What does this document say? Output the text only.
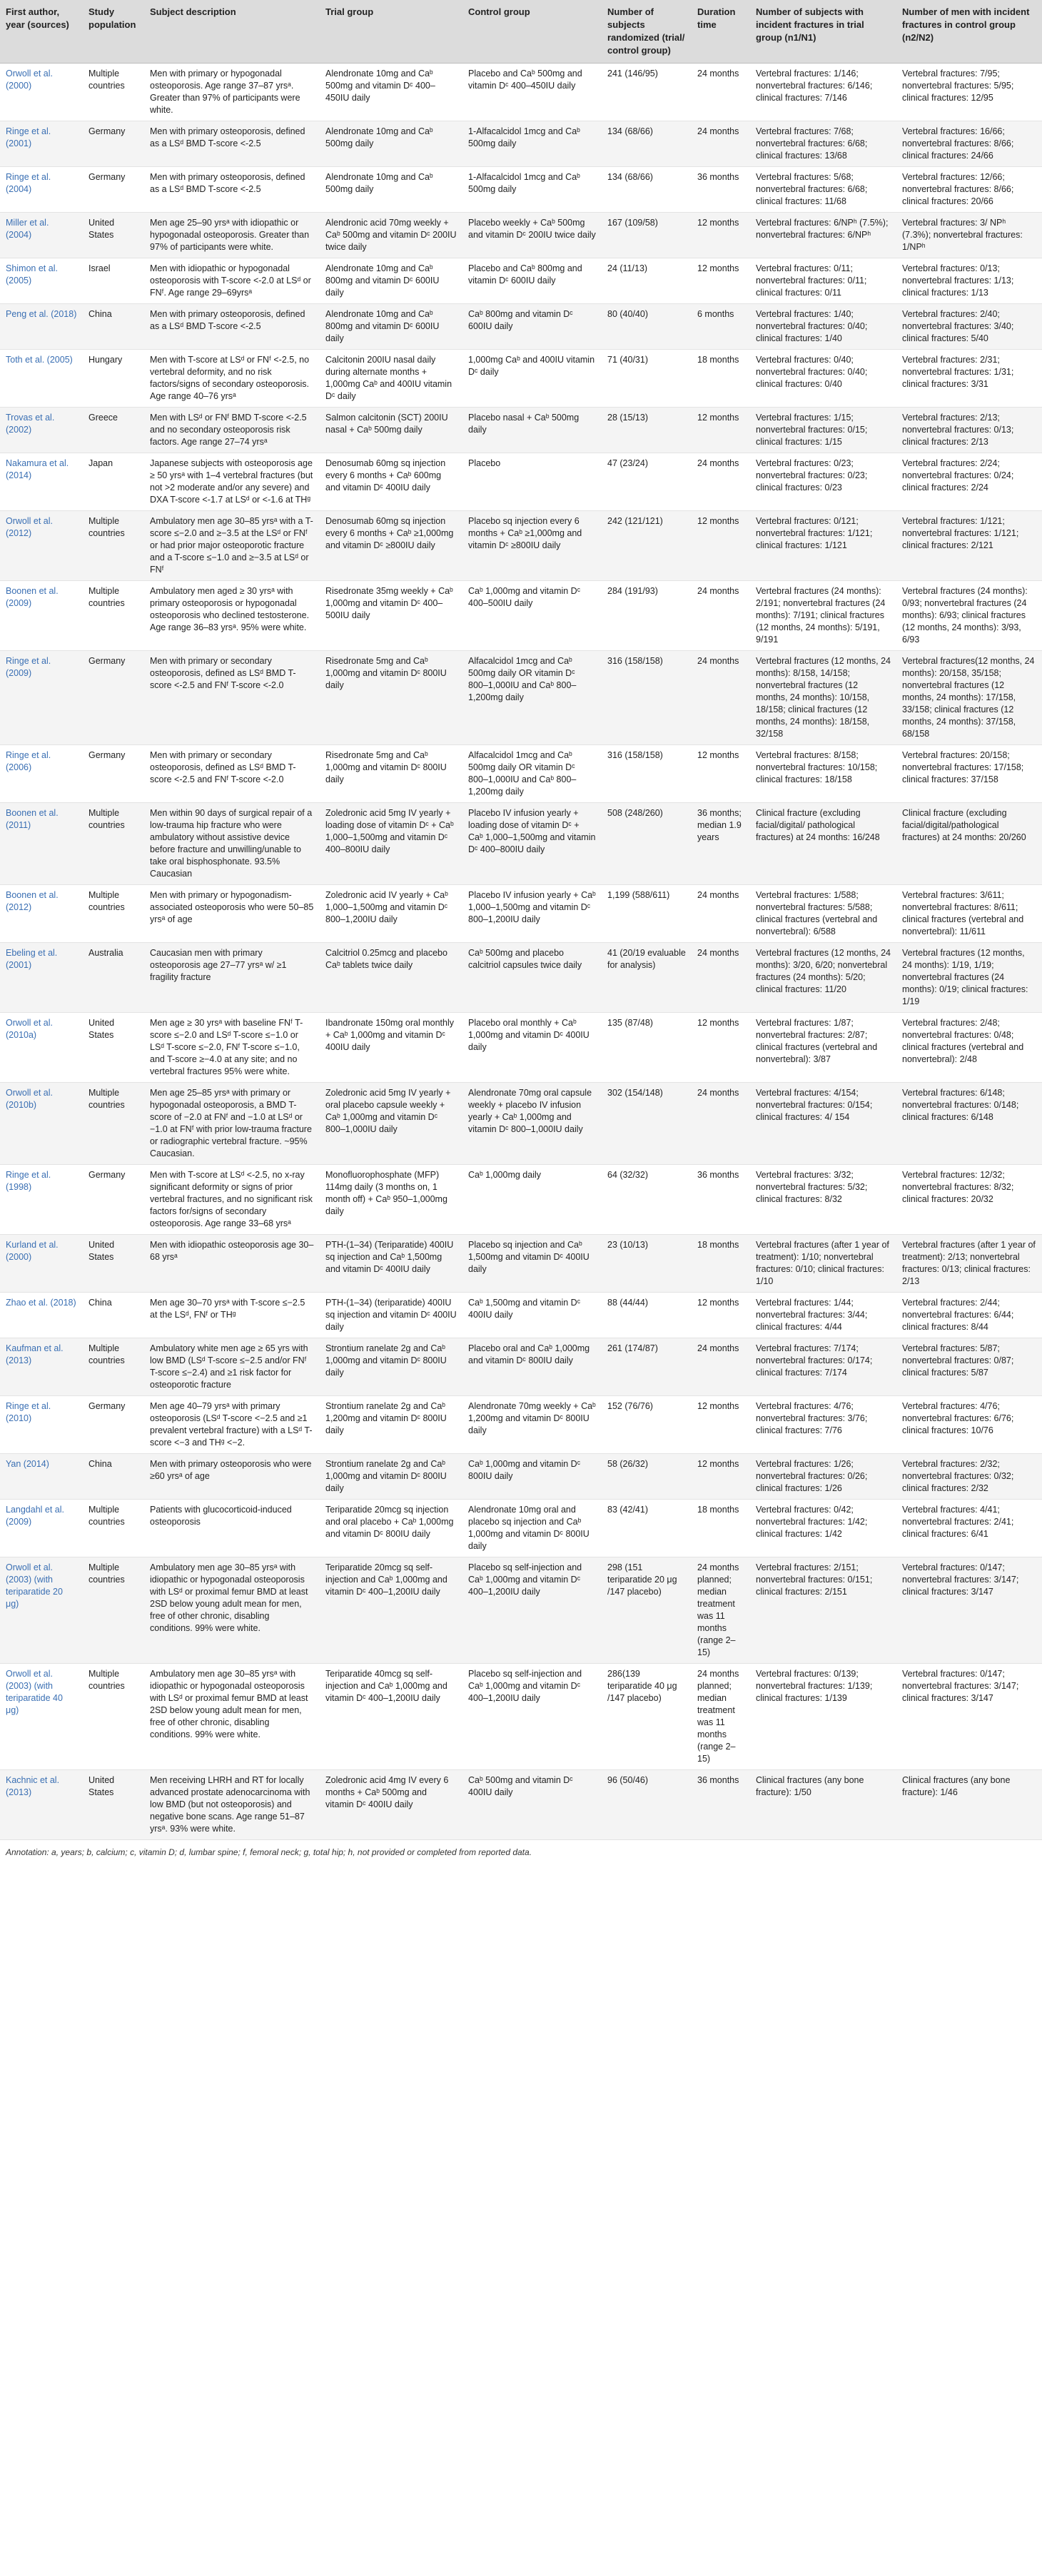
First author, year (sources)	Study population	Subject description	Trial group	Control group	Number of subjects randomized (trial/ control group)	Duration time	Number of subjects with incident fractures in trial group (n1/N1)	Number of men with incident fractures in control group (n2/N2)
Orwoll et al. (2000)	Multiple countries	Men with primary or hypogonadal osteoporosis. Age range 37–87 yrsᵃ. Greater than 97% of participants were white.	Alendronate 10mg and Caᵇ 500mg and vitamin Dᶜ 400–450IU daily	Placebo and Caᵇ 500mg and vitamin Dᶜ 400–450IU daily	241 (146/95)	24 months	Vertebral fractures: 1/146; nonvertebral fractures: 6/146; clinical fractures: 7/146	Vertebral fractures: 7/95; nonvertebral fractures: 5/95; clinical fractures: 12/95
Ringe et al. (2001)	Germany	Men with primary osteoporosis, defined as a LSᵈ BMD T-score <-2.5	Alendronate 10mg and Caᵇ 500mg daily	1-Alfacalcidol 1mcg and Caᵇ 500mg daily	134 (68/66)	24 months	Vertebral fractures: 7/68; nonvertebral fractures: 6/68; clinical fractures: 13/68	Vertebral fractures: 16/66; nonvertebral fractures: 8/66; clinical fractures: 24/66
Ringe et al. (2004)	Germany	Men with primary osteoporosis, defined as a LSᵈ BMD T-score <-2.5	Alendronate 10mg and Caᵇ 500mg daily	1-Alfacalcidol 1mcg and Caᵇ 500mg daily	134 (68/66)	36 months	Vertebral fractures: 5/68; nonvertebral fractures: 6/68; clinical fractures: 11/68	Vertebral fractures: 12/66; nonvertebral fractures: 8/66; clinical fractures: 20/66
Miller et al. (2004)	United States	Men age 25–90 yrsᵃ with idiopathic or hypogonadal osteoporosis. Greater than 97% of participants were white.	Alendronic acid 70mg weekly + Caᵇ 500mg and vitamin Dᶜ 200IU twice daily	Placebo weekly + Caᵇ 500mg and vitamin Dᶜ 200IU twice daily	167 (109/58)	12 months	Vertebral fractures: 6/NPʰ (7.5%); nonvertebral fractures: 6/NPʰ	Vertebral fractures: 3/ NPʰ (7.3%); nonvertebral fractures: 1/NPʰ
Shimon et al. (2005)	Israel	Men with idiopathic or hypogonadal osteoporosis with T-score <-2.0 at LSᵈ or FNᶠ. Age range 29–69yrsᵃ	Alendronate 10mg and Caᵇ 800mg and vitamin Dᶜ 600IU daily	Placebo and Caᵇ 800mg and vitamin Dᶜ 600IU daily	24 (11/13)	12 months	Vertebral fractures: 0/11; nonvertebral fractures: 0/11; clinical fractures: 0/11	Vertebral fractures: 0/13; nonvertebral fractures: 1/13; clinical fractures: 1/13
Peng et al. (2018)	China	Men with primary osteoporosis, defined as a LSᵈ BMD T-score <-2.5	Alendronate 10mg and Caᵇ 800mg and vitamin Dᶜ 600IU daily	Caᵇ 800mg and vitamin Dᶜ 600IU daily	80 (40/40)	6 months	Vertebral fractures: 1/40; nonvertebral fractures: 0/40; clinical fractures: 1/40	Vertebral fractures: 2/40; nonvertebral fractures: 3/40; clinical fractures: 5/40
Toth et al. (2005)	Hungary	Men with T-score at LSᵈ or FNᶠ <-2.5, no vertebral deformity, and no risk factors/signs of secondary osteoporosis. Age range 40–76 yrsᵃ	Calcitonin 200IU nasal daily during alternate months + 1,000mg Caᵇ and 400IU vitamin Dᶜ daily	1,000mg Caᵇ and 400IU vitamin Dᶜ daily	71 (40/31)	18 months	Vertebral fractures: 0/40; nonvertebral fractures: 0/40; clinical fractures: 0/40	Vertebral fractures: 2/31; nonvertebral fractures: 1/31; clinical fractures: 3/31
Trovas et al. (2002)	Greece	Men with LSᵈ or FNᶠ BMD T-score <-2.5 and no secondary osteoporosis risk factors. Age range 27–74 yrsᵃ	Salmon calcitonin (SCT) 200IU nasal + Caᵇ 500mg daily	Placebo nasal + Caᵇ 500mg daily	28 (15/13)	12 months	Vertebral fractures: 1/15; nonvertebral fractures: 0/15; clinical fractures: 1/15	Vertebral fractures: 2/13; nonvertebral fractures: 0/13; clinical fractures: 2/13
Nakamura et al. (2014)	Japan	Japanese subjects with osteoporosis age ≥ 50 yrsᵃ with 1–4 vertebral fractures (but not >2 moderate and/or any severe) and DXA T-score <-1.7 at LSᵈ or <-1.6 at THᵍ	Denosumab 60mg sq injection every 6 months + Caᵇ 600mg and vitamin Dᶜ 400IU daily	Placebo	47 (23/24)	24 months	Vertebral fractures: 0/23; nonvertebral fractures: 0/23; clinical fractures: 0/23	Vertebral fractures: 2/24; nonvertebral fractures: 0/24; clinical fractures: 2/24
Orwoll et al. (2012)	Multiple countries	Ambulatory men age 30–85 yrsᵃ with a T-score ≤−2.0 and ≥−3.5 at the LSᵈ or FNᶠ or had prior major osteoporotic fracture and a T-score ≤−1.0 and ≥−3.5 at LSᵈ or FNᶠ	Denosumab 60mg sq injection every 6 months + Caᵇ ≥1,000mg and vitamin Dᶜ ≥800IU daily	Placebo sq injection every 6 months + Caᵇ ≥1,000mg and vitamin Dᶜ ≥800IU daily	242 (121/121)	12 months	Vertebral fractures: 0/121; nonvertebral fractures: 1/121; clinical fractures: 1/121	Vertebral fractures: 1/121; nonvertebral fractures: 1/121; clinical fractures: 2/121
Boonen et al. (2009)	Multiple countries	Ambulatory men aged ≥ 30 yrsᵃ with primary osteoporosis or hypogonadal osteoporosis who declined testosterone. Age range 36–83 yrsᵃ. 95% were white.	Risedronate 35mg weekly + Caᵇ 1,000mg and vitamin Dᶜ 400–500IU daily	Caᵇ 1,000mg and vitamin Dᶜ 400–500IU daily	284 (191/93)	24 months	Vertebral fractures (24 months): 2/191; nonvertebral fractures (24 months): 7/191; clinical fractures (12 months, 24 months): 5/191, 9/191	Vertebral fractures (24 months): 0/93; nonvertebral fractures (24 months): 6/93; clinical fractures (12 months, 24 months): 3/93, 6/93
Ringe et al. (2009)	Germany	Men with primary or secondary osteoporosis, defined as LSᵈ BMD T-score <-2.5 and FNᶠ T-score <-2.0	Risedronate 5mg and Caᵇ 1,000mg and vitamin Dᶜ 800IU daily	Alfacalcidol 1mcg and Caᵇ 500mg daily OR vitamin Dᶜ 800–1,000IU and Caᵇ 800–1,200mg daily	316 (158/158)	24 months	Vertebral fractures (12 months, 24 months): 8/158, 14/158; nonvertebral fractures (12 months, 24 months): 10/158, 18/158; clinical fractures (12 months, 24 months): 18/158, 32/158	Vertebral fractures(12 months, 24 months): 20/158, 35/158; nonvertebral fractures (12 months, 24 months): 17/158, 33/158; clinical fractures (12 months, 24 months): 37/158, 68/158
Ringe et al. (2006)	Germany	Men with primary or secondary osteoporosis, defined as LSᵈ BMD T-score <-2.5 and FNᶠ T-score <-2.0	Risedronate 5mg and Caᵇ 1,000mg and vitamin Dᶜ 800IU daily	Alfacalcidol 1mcg and Caᵇ 500mg daily OR vitamin Dᶜ 800–1,000IU and Caᵇ 800–1,200mg daily	316 (158/158)	12 months	Vertebral fractures: 8/158; nonvertebral fractures: 10/158; clinical fractures: 18/158	Vertebral fractures: 20/158; nonvertebral fractures: 17/158; clinical fractures: 37/158
Boonen et al. (2011)	Multiple countries	Men within 90 days of surgical repair of a low-trauma hip fracture who were ambulatory without assistive device before fracture and unwilling/unable to take oral bisphosphonate. 93.5% Caucasian	Zoledronic acid 5mg IV yearly + loading dose of vitamin Dᶜ + Caᵇ 1,000–1,500mg and vitamin Dᶜ 400–800IU daily	Placebo IV infusion yearly + loading dose of vitamin Dᶜ + Caᵇ 1,000–1,500mg and vitamin Dᶜ 400–800IU daily	508 (248/260)	36 months; median 1.9 years	Clinical fracture (excluding facial/digital/ pathological fractures) at 24 months: 16/248	Clinical fracture (excluding facial/digital/pathological fractures) at 24 months: 20/260
Boonen et al. (2012)	Multiple countries	Men with primary or hypogonadism-associated osteoporosis who were 50–85 yrsᵃ of age	Zoledronic acid IV yearly + Caᵇ 1,000–1,500mg and vitamin Dᶜ 800–1,200IU daily	Placebo IV infusion yearly + Caᵇ 1,000–1,500mg and vitamin Dᶜ 800–1,200IU daily	1,199 (588/611)	24 months	Vertebral fractures: 1/588; nonvertebral fractures: 5/588; clinical fractures (vertebral and nonvertebral): 6/588	Vertebral fractures: 3/611; nonvertebral fractures: 8/611; clinical fractures (vertebral and nonvertebral): 11/611
Ebeling et al. (2001)	Australia	Caucasian men with primary osteoporosis age 27–77 yrsᵃ w/ ≥1 fragility fracture	Calcitriol 0.25mcg and placebo Caᵇ tablets twice daily	Caᵇ 500mg and placebo calcitriol capsules twice daily	41 (20/19 evaluable for analysis)	24 months	Vertebral fractures (12 months, 24 months): 3/20, 6/20; nonvertebral fractures (24 months): 5/20; clinical fractures: 11/20	Vertebral fractures (12 months, 24 months): 1/19, 1/19; nonvertebral fractures (24 months): 0/19; clinical fractures: 1/19
Orwoll et al. (2010a)	United States	Men age ≥ 30 yrsᵃ with baseline FNᶠ T-score ≤−2.0 and LSᵈ T-score ≤−1.0 or LSᵈ T-score ≤−2.0, FNᶠ T-score ≤−1.0, and T-score ≥−4.0 at any site; and no vertebral fractures 95% were white.	Ibandronate 150mg oral monthly + Caᵇ 1,000mg and vitamin Dᶜ 400IU daily	Placebo oral monthly + Caᵇ 1,000mg and vitamin Dᶜ 400IU daily	135 (87/48)	12 months	Vertebral fractures: 1/87; nonvertebral fractures: 2/87; clinical fractures (vertebral and nonvertebral): 3/87	Vertebral fractures: 2/48; nonvertebral fractures: 0/48; clinical fractures (vertebral and nonvertebral): 2/48
Orwoll et al. (2010b)	Multiple countries	Men age 25–85 yrsᵃ with primary or hypogonadal osteoporosis, a BMD T-score of −2.0 at FNᶠ and −1.0 at LSᵈ or −1.0 at FNᶠ with prior low-trauma fracture or radiographic vertebral fracture. ~95% Caucasian.	Zoledronic acid 5mg IV yearly + oral placebo capsule weekly + Caᵇ 1,000mg and vitamin Dᶜ 800–1,000IU daily	Alendronate 70mg oral capsule weekly + placebo IV infusion yearly + Caᵇ 1,000mg and vitamin Dᶜ 800–1,000IU daily	302 (154/148)	24 months	Vertebral fractures: 4/154; nonvertebral fractures: 0/154; clinical fractures: 4/ 154	Vertebral fractures: 6/148; nonvertebral fractures: 0/148; clinical fractures: 6/148
Ringe et al. (1998)	Germany	Men with T-score at LSᵈ <-2.5, no x-ray significant deformity or signs of prior vertebral fractures, and no significant risk factors for/signs of secondary osteoporosis. Age range 33–68 yrsᵃ	Monofluorophosphate (MFP) 114mg daily (3 months on, 1 month off) + Caᵇ 950–1,000mg daily	Caᵇ 1,000mg daily	64 (32/32)	36 months	Vertebral fractures: 3/32; nonvertebral fractures: 5/32; clinical fractures: 8/32	Vertebral fractures: 12/32; nonvertebral fractures: 8/32; clinical fractures: 20/32
Kurland et al. (2000)	United States	Men with idiopathic osteoporosis age 30–68 yrsᵃ	PTH-(1–34) (Teriparatide) 400IU sq injection and Caᵇ 1,500mg and vitamin Dᶜ 400IU daily	Placebo sq injection and Caᵇ 1,500mg and vitamin Dᶜ 400IU daily	23 (10/13)	18 months	Vertebral fractures (after 1 year of treatment): 1/10; nonvertebral fractures: 0/10; clinical fractures: 1/10	Vertebral fractures (after 1 year of treatment): 2/13; nonvertebral fractures: 0/13; clinical fractures: 2/13
Zhao et al. (2018)	China	Men age 30–70 yrsᵃ with T-score ≤−2.5 at the LSᵈ, FNᶠ or THᵍ	PTH-(1–34) (teriparatide) 400IU sq injection and vitamin Dᶜ 400IU daily	Caᵇ 1,500mg and vitamin Dᶜ 400IU daily	88 (44/44)	12 months	Vertebral fractures: 1/44; nonvertebral fractures: 3/44; clinical fractures: 4/44	Vertebral fractures: 2/44; nonvertebral fractures: 6/44; clinical fractures: 8/44
Kaufman et al. (2013)	Multiple countries	Ambulatory white men age ≥ 65 yrs with low BMD (LSᵈ T-score ≤−2.5 and/or FNᶠ T-score ≤−2.4) and ≥1 risk factor for osteoporotic fracture	Strontium ranelate 2g and Caᵇ 1,000mg and vitamin Dᶜ 800IU daily	Placebo oral and Caᵇ 1,000mg and vitamin Dᶜ 800IU daily	261 (174/87)	24 months	Vertebral fractures: 7/174; nonvertebral fractures: 0/174; clinical fractures: 7/174	Vertebral fractures: 5/87; nonvertebral fractures: 0/87; clinical fractures: 5/87
Ringe et al. (2010)	Germany	Men age 40–79 yrsᵃ with primary osteoporosis (LSᵈ T-score <−2.5 and ≥1 prevalent vertebral fracture) with a LSᵈ T-score <−3 and THᵍ <−2.	Strontium ranelate 2g and Caᵇ 1,200mg and vitamin Dᶜ 800IU daily	Alendronate 70mg weekly + Caᵇ 1,200mg and vitamin Dᶜ 800IU daily	152 (76/76)	12 months	Vertebral fractures: 4/76; nonvertebral fractures: 3/76; clinical fractures: 7/76	Vertebral fractures: 4/76; nonvertebral fractures: 6/76; clinical fractures: 10/76
Yan (2014)	China	Men with primary osteoporosis who were ≥60 yrsᵃ of age	Strontium ranelate 2g and Caᵇ 1,000mg and vitamin Dᶜ 800IU daily	Caᵇ 1,000mg and vitamin Dᶜ 800IU daily	58 (26/32)	12 months	Vertebral fractures: 1/26; nonvertebral fractures: 0/26; clinical fractures: 1/26	Vertebral fractures: 2/32; nonvertebral fractures: 0/32; clinical fractures: 2/32
Langdahl et al. (2009)	Multiple countries	Patients with glucocorticoid-induced osteoporosis	Teriparatide 20mcg sq injection and oral placebo + Caᵇ 1,000mg and vitamin Dᶜ 800IU daily	Alendronate 10mg oral and placebo sq injection and Caᵇ 1,000mg and vitamin Dᶜ 800IU daily	83 (42/41)	18 months	Vertebral fractures: 0/42; nonvertebral fractures: 1/42; clinical fractures: 1/42	Vertebral fractures: 4/41; nonvertebral fractures: 2/41; clinical fractures: 6/41
Orwoll et al. (2003) (with teriparatide 20 μg)	Multiple countries	Ambulatory men age 30–85 yrsᵃ with idiopathic or hypogonadal osteoporosis with LSᵈ or proximal femur BMD at least 2SD below young adult mean for men, free of other chronic, disabling conditions. 99% were white.	Teriparatide 20mcg sq self-injection and Caᵇ 1,000mg and vitamin Dᶜ 400–1,200IU daily	Placebo sq self-injection and Caᵇ 1,000mg and vitamin Dᶜ 400–1,200IU daily	298 (151 teriparatide 20 μg /147 placebo)	24 months planned; median treatment was 11 months (range 2–15)	Vertebral fractures: 2/151; nonvertebral fractures: 0/151; clinical fractures: 2/151	Vertebral fractures: 0/147; nonvertebral fractures: 3/147; clinical fractures: 3/147
Orwoll et al. (2003) (with teriparatide 40 μg)	Multiple countries	Ambulatory men age 30–85 yrsᵃ with idiopathic or hypogonadal osteoporosis with LSᵈ or proximal femur BMD at least 2SD below young adult mean for men, free of other chronic, disabling conditions. 99% were white.	Teriparatide 40mcg sq self-injection and Caᵇ 1,000mg and vitamin Dᶜ 400–1,200IU daily	Placebo sq self-injection and Caᵇ 1,000mg and vitamin Dᶜ 400–1,200IU daily	286(139 teriparatide 40 μg /147 placebo)	24 months planned; median treatment was 11 months (range 2–15)	Vertebral fractures: 0/139; nonvertebral fractures: 1/139; clinical fractures: 1/139	Vertebral fractures: 0/147; nonvertebral fractures: 3/147; clinical fractures: 3/147
Kachnic et al. (2013)	United States	Men receiving LHRH and RT for locally advanced prostate adenocarcinoma with low BMD (but not osteoporosis) and negative bone scans. Age range 51–87 yrsᵃ. 93% were white.	Zoledronic acid 4mg IV every 6 months + Caᵇ 500mg and vitamin Dᶜ 400IU daily	Caᵇ 500mg and vitamin Dᶜ 400IU daily	96 (50/46)	36 months	Clinical fractures (any bone fracture): 1/50	Clinical fractures (any bone fracture): 1/46
Annotation: a, years; b, calcium; c, vitamin D; d, lumbar spine; f, femoral neck; g, total hip; h, not provided or completed from reported data.
